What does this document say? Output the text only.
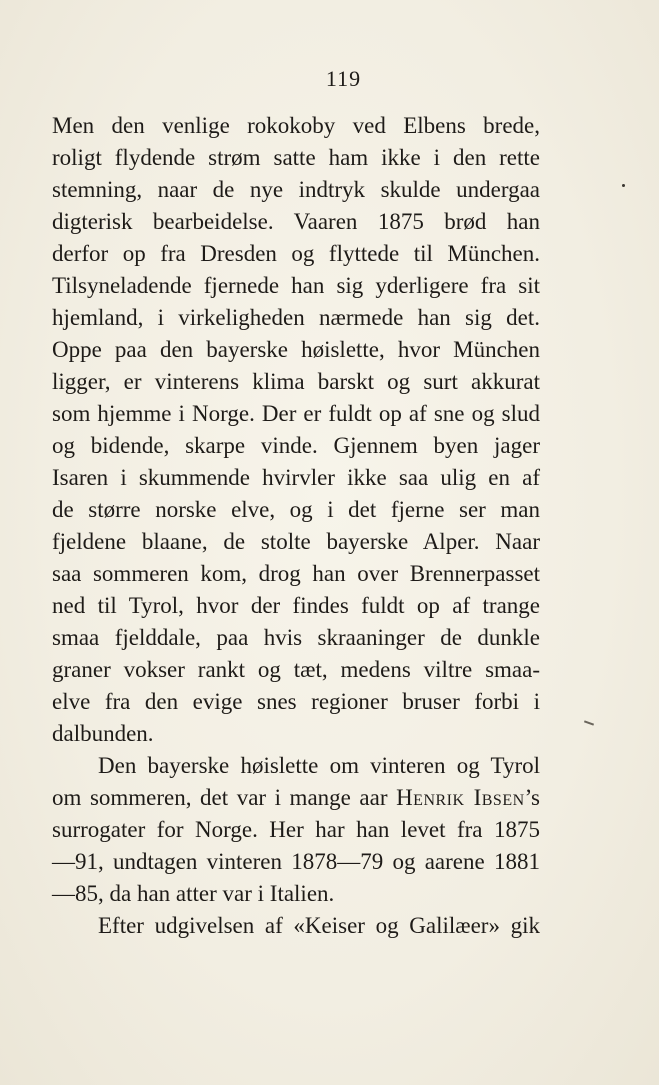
119
Men den venlige rokokoby ved Elbens brede,
roligt flydende strøm satte ham ikke i den rette
stemning, naar de nye indtryk skulde undergaa
digterisk bearbeidelse. Vaaren 1875 brød han
derfor op fra Dresden og flyttede til München.
Tilsyneladende fjernede han sig yderligere fra sit
hjemland, i virkeligheden nærmede han sig det.
Oppe paa den bayerske høislette, hvor München
ligger, er vinterens klima barskt og surt akkurat
som hjemme i Norge. Der er fuldt op af sne og slud
og bidende, skarpe vinde. Gjennem byen jager
Isaren i skummende hvirvler ikke saa ulig en af
de større norske elve, og i det fjerne ser man
fjeldene blaane, de stolte bayerske Alper. Naar
saa sommeren kom, drog han over Brennerpasset
ned til Tyrol, hvor der findes fuldt op af trange
smaa fjelddale, paa hvis skraaninger de dunkle
graner vokser rankt og tæt, medens viltre smaa-
elve fra den evige snes regioner bruser forbi i
dalbunden.
Den bayerske høislette om vinteren og Tyrol
om sommeren, det var i mange aar Henrik Ibsen’s
surrogater for Norge. Her har han levet fra 1875
—91, undtagen vinteren 1878—79 og aarene 1881
—85, da han atter var i Italien.
Efter udgivelsen af «Keiser og Galilæer» gik
